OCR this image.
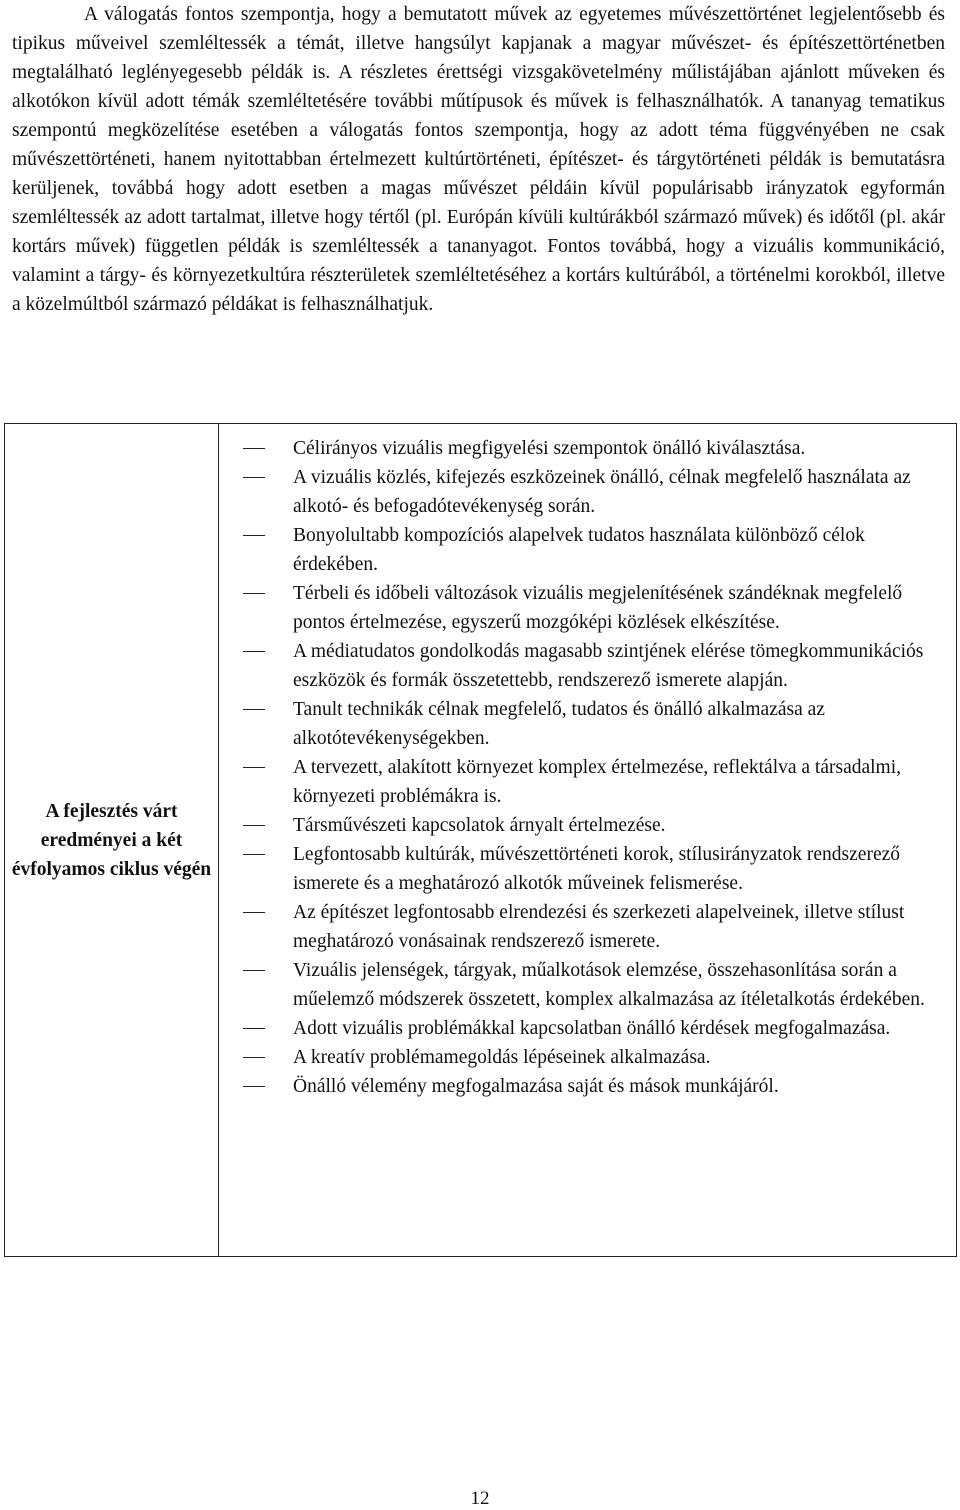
A válogatás fontos szempontja, hogy a bemutatott művek az egyetemes művészettörténet legjelentősebb és tipikus műveivel szemléltessék a témát, illetve hangsúlyt kapjanak a magyar művészet- és építészettörténetben megtalálható leglényegesebb példák is. A részletes érettségi vizsgakövetelmény műlistájában ajánlott műveken és alkotókon kívül adott témák szemléltetésére további műtípusok és művek is felhasználhatók. A tananyag tematikus szempontú megközelítése esetében a válogatás fontos szempontja, hogy az adott téma függvényében ne csak művészettörténeti, hanem nyitottabban értelmezett kultúrtörténeti, építészet- és tárgytörténeti példák is bemutatásra kerüljenek, továbbá hogy adott esetben a magas művészet példáin kívül populárisabb irányzatok egyformán szemléltessék az adott tartalmat, illetve hogy tértől (pl. Európán kívüli kultúrákból származó művek) és időtől (pl. akár kortárs művek) független példák is szemléltessék a tananyagot. Fontos továbbá, hogy a vizuális kommunikáció, valamint a tárgy- és környezetkultúra részterületek szemléltetéséhez a kortárs kultúrából, a történelmi korokból, illetve a közelmúltból származó példákat is felhasználhatjuk.

A fejlesztés várt eredményei a két évfolyamos ciklus végén	
Célirányos vizuális megfigyelési szempontok önálló kiválasztása.
A vizuális közlés, kifejezés eszközeinek önálló, célnak megfelelő használata az alkotó- és befogadótevékenység során.
Bonyolultabb kompozíciós alapelvek tudatos használata különböző célok érdekében.
Térbeli és időbeli változások vizuális megjelenítésének szándéknak megfelelő pontos értelmezése, egyszerű mozgóképi közlések elkészítése.
A médiatudatos gondolkodás magasabb szintjének elérése tömegkommunikációs eszközök és formák összetettebb, rendszerező ismerete alapján.
Tanult technikák célnak megfelelő, tudatos és önálló alkalmazása az alkotótevékenységekben.
A tervezett, alakított környezet komplex értelmezése, reflektálva a társadalmi, környezeti problémákra is.
Társművészeti kapcsolatok árnyalt értelmezése.
Legfontosabb kultúrák, művészettörténeti korok, stílusirányzatok rendszerező ismerete és a meghatározó alkotók műveinek felismerése.
Az építészet legfontosabb elrendezési és szerkezeti alapelveinek, illetve stílust meghatározó vonásainak rendszerező ismerete.
Vizuális jelenségek, tárgyak, műalkotások elemzése, összehasonlítása során a műelemző módszerek összetett, komplex alkalmazása az ítéletalkotás érdekében.
Adott vizuális problémákkal kapcsolatban önálló kérdések megfogalmazása.
A kreatív problémamegoldás lépéseinek alkalmazása.
Önálló vélemény megfogalmazása saját és mások munkájáról.
12
